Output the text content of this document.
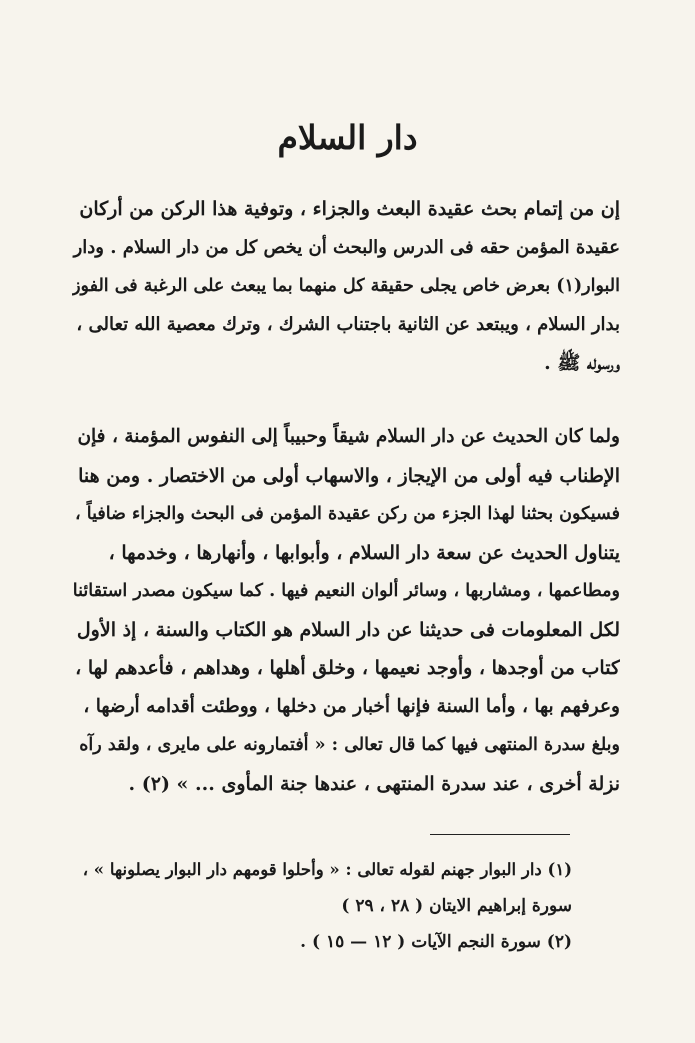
دار السلام
إن من إتمام بحث عقيدة البعث والجزاء ، وتوفية هذا الركن من أركان
عقيدة المؤمن حقه فى الدرس والبحث أن يخص كل من دار السلام . ودار
البوار(١) بعرض خاص يجلى حقيقة كل منهما بما يبعث على الرغبة فى الفوز
بدار السلام ، ويبتعد عن الثانية باجتناب الشرك ، وترك معصية الله تعالى ،
ورسوله ﷺ .
ولما كان الحديث عن دار السلام شيقاً وحبيباً إلى النفوس المؤمنة ، فإن
الإطناب فيه أولى من الإيجاز ، والاسهاب أولى من الاختصار . ومن هنا
فسيكون بحثنا لهذا الجزء من ركن عقيدة المؤمن فى البحث والجزاء ضافياً ،
يتناول الحديث عن سعة دار السلام ، وأبوابها ، وأنهارها ، وخدمها ،
ومطاعمها ، ومشاربها ، وسائر ألوان النعيم فيها . كما سيكون مصدر استقائنا
لكل المعلومات فى حديثنا عن دار السلام هو الكتاب والسنة ، إذ الأول
كتاب من أوجدها ، وأوجد نعيمها ، وخلق أهلها ، وهداهم ، فأعدهم لها ،
وعرفهم بها ، وأما السنة فإنها أخبار من دخلها ، ووطئت أقدامه أرضها ،
وبلغ سدرة المنتهى فيها كما قال تعالى : « أفتمارونه على مايرى ، ولقد رآه
نزلة أخرى ، عند سدرة المنتهى ، عندها جنة المأوى ... » (٢) .
(١) دار البوار جهنم لقوله تعالى : « وأحلوا قومهم دار البوار يصلونها » ،
سورة إبراهيم الايتان ( ٢٨ ، ٢٩ )
(٢) سورة النجم الآيات ( ١٢ — ١٥ ) .
